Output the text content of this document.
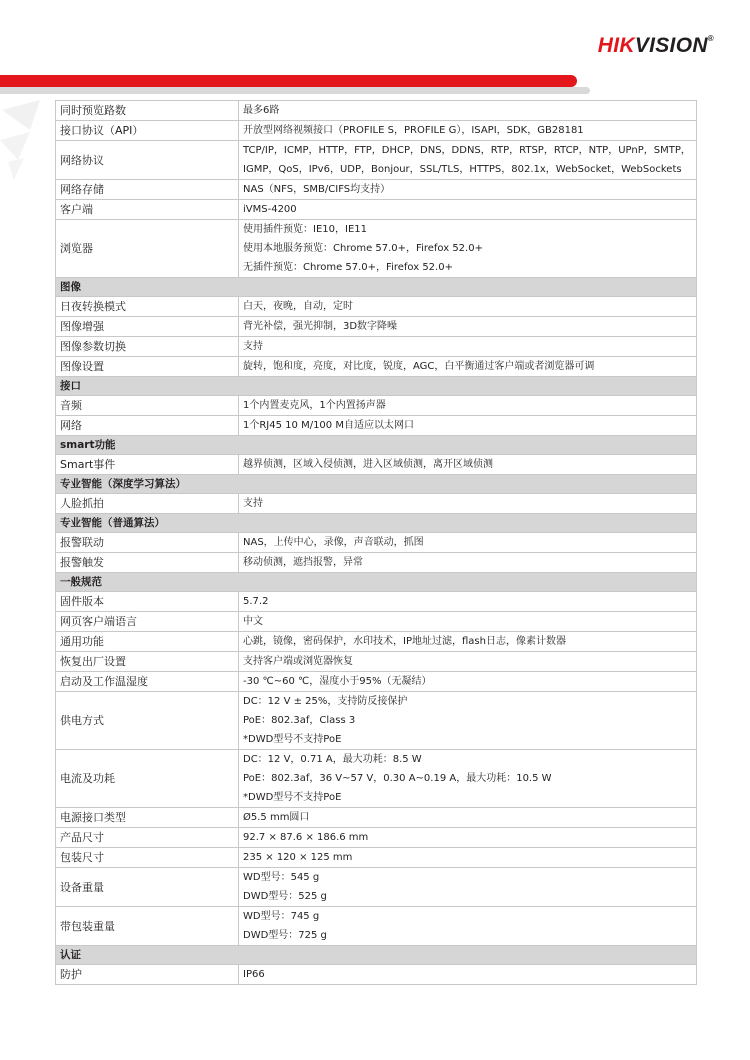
HIKVISION®
同时预览路数	最多6路

接口协议（API）	开放型网络视频接口（PROFILE S，PROFILE G），ISAPI，SDK，GB28181

网络协议	TCP/IP，ICMP，HTTP，FTP，DHCP，DNS，DDNS，RTP，RTSP，RTCP，NTP，UPnP，SMTP，
IGMP，QoS，IPv6，UDP，Bonjour，SSL/TLS，HTTPS，802.1x，WebSocket，WebSockets

网络存储	NAS（NFS，SMB/CIFS均支持）

客户端	iVMS-4200

浏览器	使用插件预览：IE10，IE11
使用本地服务预览：Chrome 57.0+，Firefox 52.0+
无插件预览：Chrome 57.0+，Firefox 52.0+

图像	
日夜转换模式	白天，夜晚，自动，定时

图像增强	背光补偿，强光抑制，3D数字降噪

图像参数切换	支持

图像设置	旋转，饱和度，亮度，对比度，锐度，AGC，白平衡通过客户端或者浏览器可调

接口	
音频	1个内置麦克风，1个内置扬声器

网络	1个RJ45 10 M/100 M自适应以太网口

smart功能	
Smart事件	越界侦测，区域入侵侦测，进入区域侦测，离开区域侦测

专业智能（深度学习算法）	
人脸抓拍	支持

专业智能（普通算法）	
报警联动	NAS，上传中心，录像，声音联动，抓图

报警触发	移动侦测，遮挡报警，异常

一般规范	
固件版本	5.7.2

网页客户端语言	中文

通用功能	心跳，镜像，密码保护，水印技术，IP地址过滤，flash日志，像素计数器

恢复出厂设置	支持客户端或浏览器恢复

启动及工作温湿度	-30 ℃~60 ℃，湿度小于95%（无凝结）

供电方式	DC：12 V ± 25%，支持防反接保护
PoE：802.3af，Class 3
*DWD型号不支持PoE

电流及功耗	DC：12 V，0.71 A，最大功耗：8.5 W
PoE：802.3af，36 V~57 V，0.30 A~0.19 A，最大功耗：10.5 W
*DWD型号不支持PoE

电源接口类型	Ø5.5 mm圆口

产品尺寸	92.7 × 87.6 × 186.6 mm

包装尺寸	235 × 120 × 125 mm

设备重量	WD型号：545 g
DWD型号：525 g

带包装重量	WD型号：745 g
DWD型号：725 g

认证	
防护	IP66
